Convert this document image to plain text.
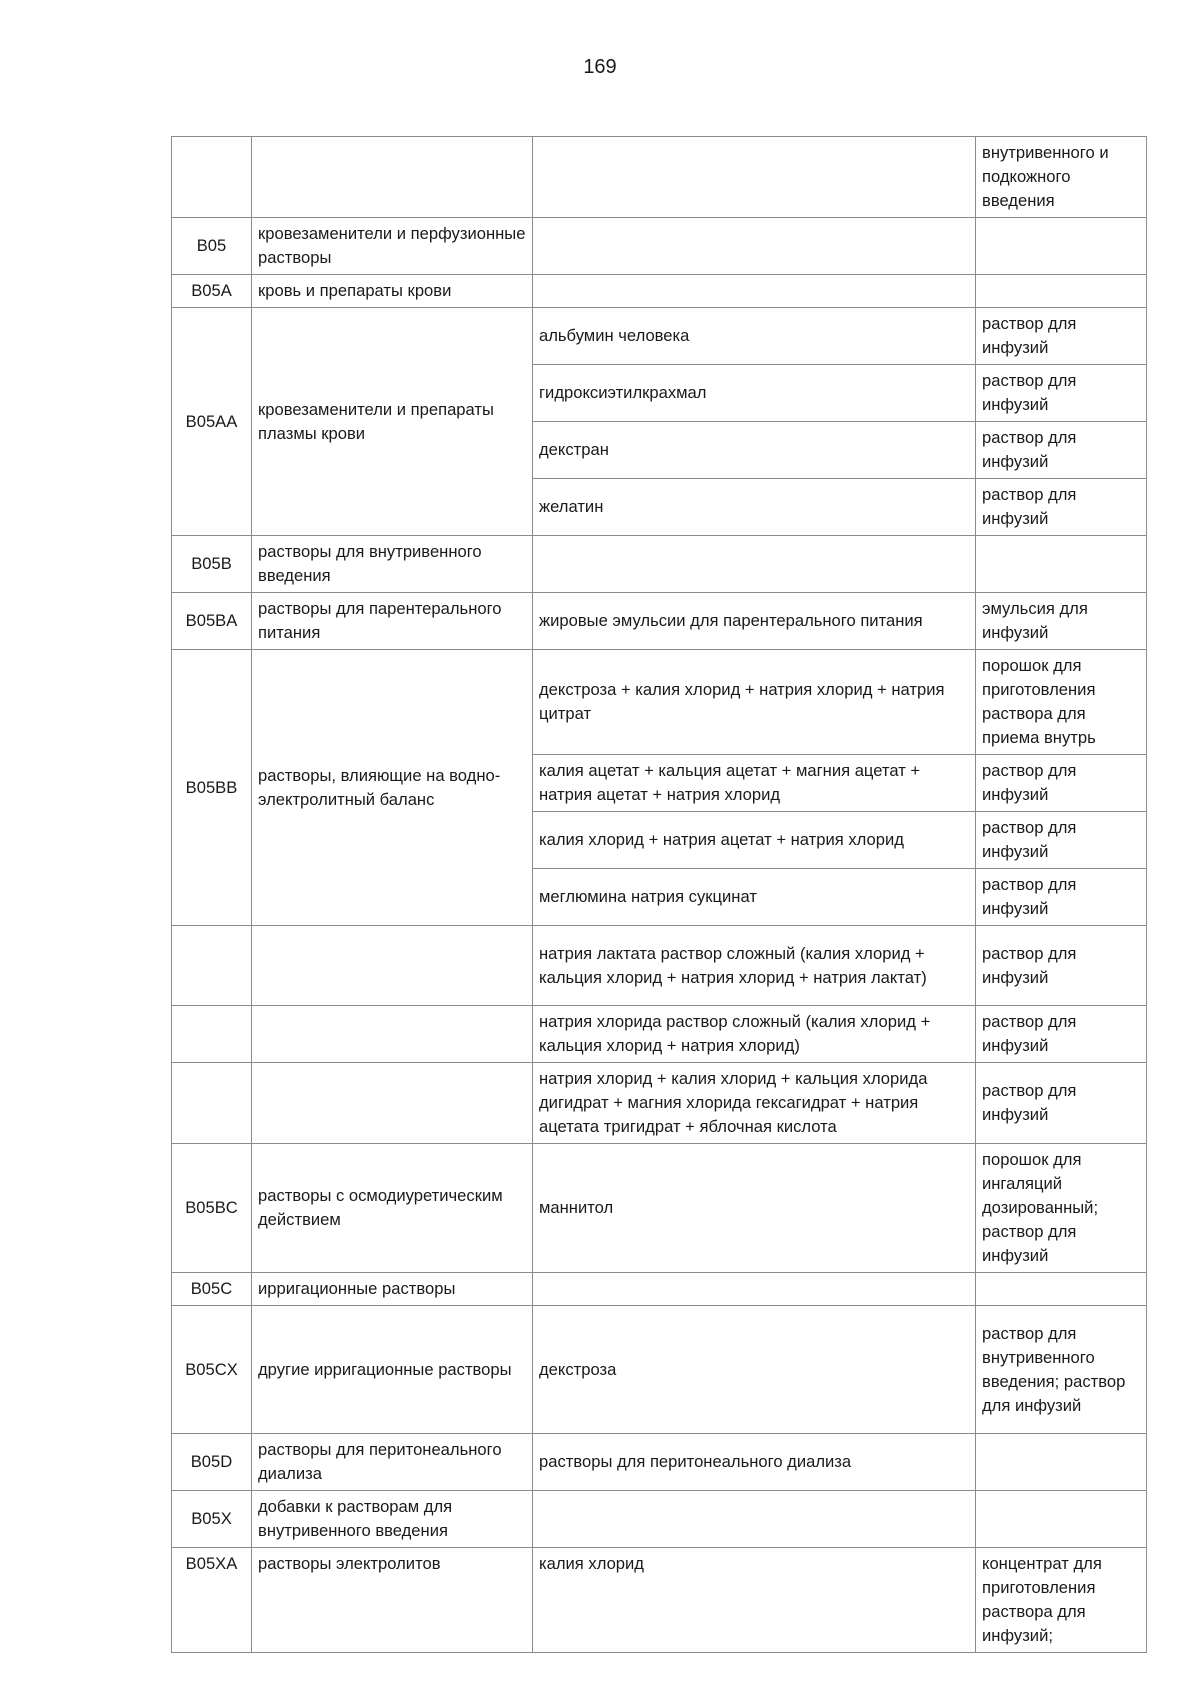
169
			внутривенного и подкожного введения
B05	кровезаменители и перфузионные растворы		
B05A	кровь и препараты крови		
B05AA	кровезаменители и препараты плазмы крови	альбумин человека	раствор для инфузий
		гидроксиэтилкрахмал	раствор для инфузий
		декстран	раствор для инфузий
		желатин	раствор для инфузий
B05B	растворы для внутривенного введения		
B05BA	растворы для парентерального питания	жировые эмульсии для парентерального питания	эмульсия для инфузий
B05BB	растворы, влияющие на водно-электролитный баланс	декстроза + калия хлорид + натрия хлорид + натрия цитрат	порошок для приготовления раствора для приема внутрь
		калия ацетат + кальция ацетат + магния ацетат + натрия ацетат + натрия хлорид	раствор для инфузий
		калия хлорид + натрия ацетат + натрия хлорид	раствор для инфузий
		меглюмина натрия сукцинат	раствор для инфузий
		натрия лактата раствор сложный (калия хлорид + кальция хлорид + натрия хлорид + натрия лактат)	раствор для инфузий
		натрия хлорида раствор сложный (калия хлорид + кальция хлорид + натрия хлорид)	раствор для инфузий
		натрия хлорид + калия хлорид + кальция хлорида дигидрат + магния хлорида гексагидрат + натрия ацетата тригидрат + яблочная кислота	раствор для инфузий
B05BC	растворы с осмодиуретическим действием	маннитол	порошок для ингаляций дозированный; раствор для инфузий
B05C	ирригационные растворы		
B05CX	другие ирригационные растворы	декстроза	раствор для внутривенного введения; раствор для инфузий
B05D	растворы для перитонеального диализа	растворы для перитонеального диализа	
B05X	добавки к растворам для внутривенного введения		
B05XA	растворы электролитов	калия хлорид	концентрат для приготовления раствора для инфузий;
